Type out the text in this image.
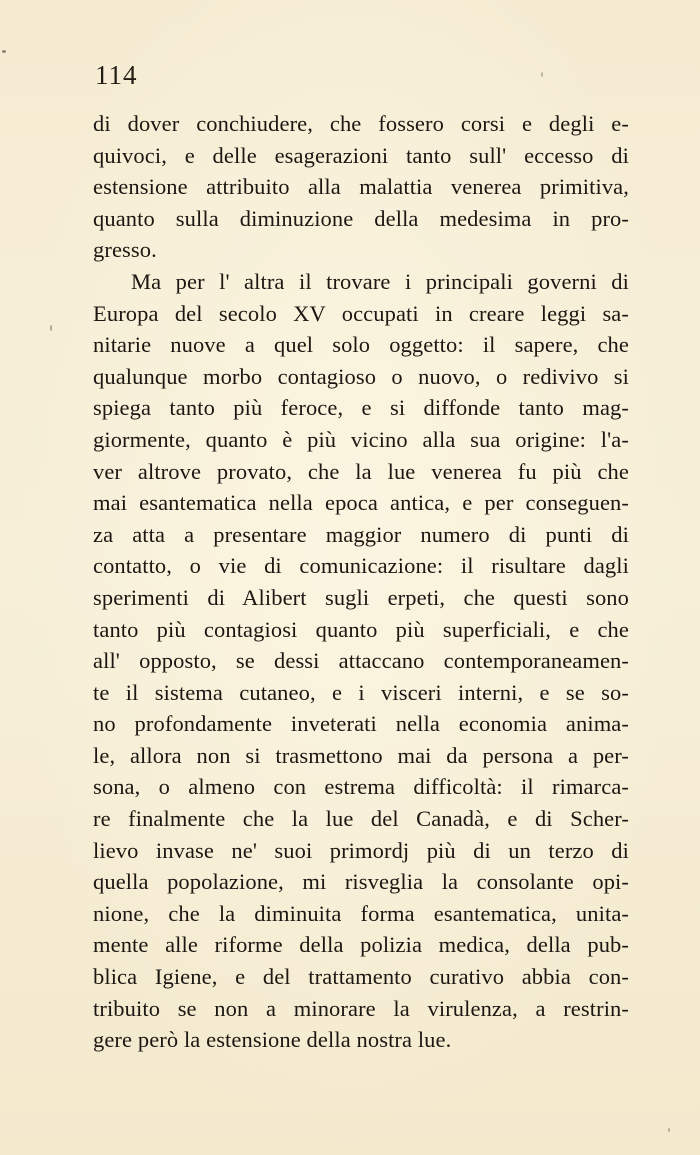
114
di dover conchiudere, che fossero corsi e degli e-
quivoci, e delle esagerazioni tanto sull' eccesso di
estensione attribuito alla malattia venerea primitiva,
quanto sulla diminuzione della medesima in pro-
gresso.
Ma per l' altra il trovare i principali governi di
Europa del secolo XV occupati in creare leggi sa-
nitarie nuove a quel solo oggetto: il sapere, che
qualunque morbo contagioso o nuovo, o redivivo si
spiega tanto più feroce, e si diffonde tanto mag-
giormente, quanto è più vicino alla sua origine: l'a-
ver altrove provato, che la lue venerea fu più che
mai esantematica nella epoca antica, e per conseguen-
za atta a presentare maggior numero di punti di
contatto, o vie di comunicazione: il risultare dagli
sperimenti di Alibert sugli erpeti, che questi sono
tanto più contagiosi quanto più superficiali, e che
all' opposto, se dessi attaccano contemporaneamen-
te il sistema cutaneo, e i visceri interni, e se so-
no profondamente inveterati nella economia anima-
le, allora non si trasmettono mai da persona a per-
sona, o almeno con estrema difficoltà: il rimarca-
re finalmente che la lue del Canadà, e di Scher-
lievo invase ne' suoi primordj più di un terzo di
quella popolazione, mi risveglia la consolante opi-
nione, che la diminuita forma esantematica, unita-
mente alle riforme della polizia medica, della pub-
blica Igiene, e del trattamento curativo abbia con-
tribuito se non a minorare la virulenza, a restrin-
gere però la estensione della nostra lue.
